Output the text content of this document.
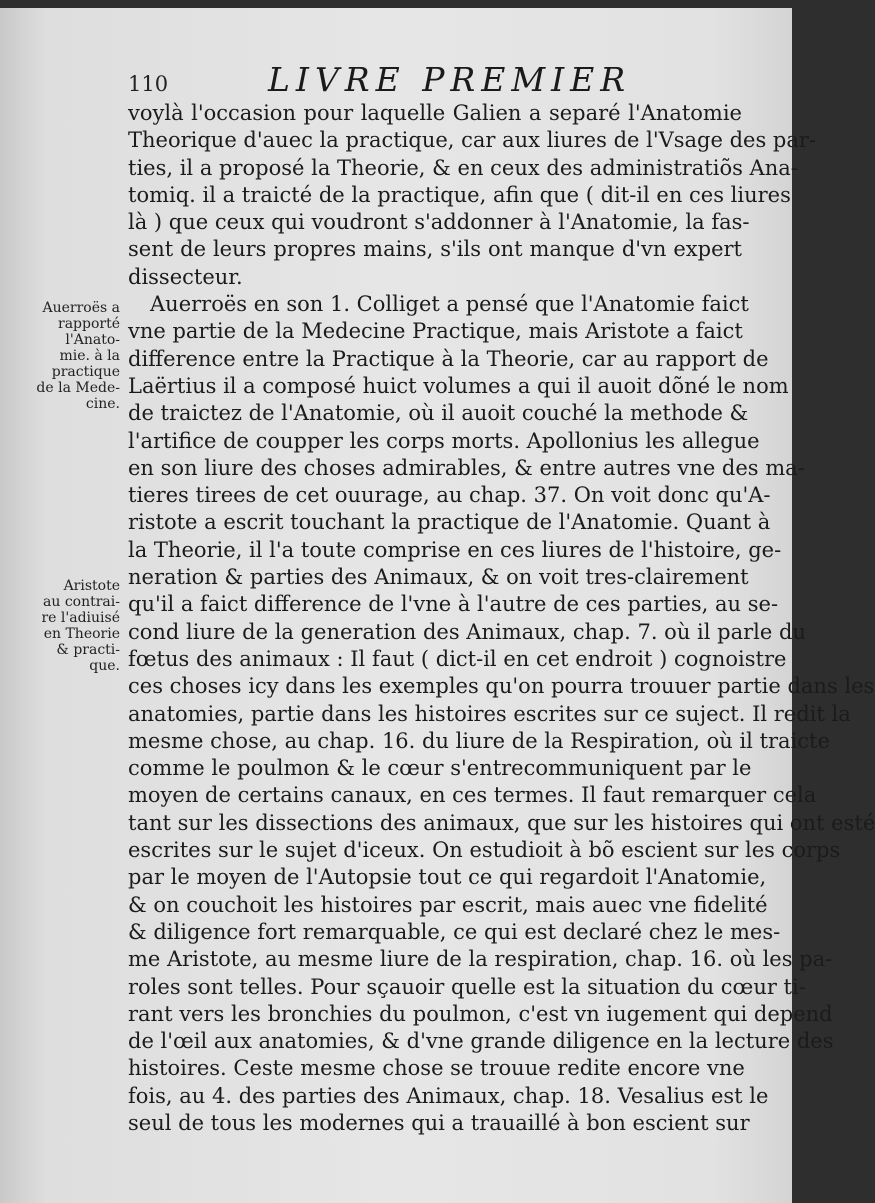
110	LIVRE PREMIER
Auerroës a
rapporté
l'Anato-
mie. à la
practique
de la Mede-
cine.
Aristote
au contrai-
re l'adiuisé
en Theorie
& practi-
que.
voylà l'occasion pour laquelle Galien a separé l'Anatomie
Theorique d'auec la practique, car aux liures de l'Vsage des par-
ties, il a proposé la Theorie, & en ceux des administratiõs Ana-
tomiq. il a traicté de la practique, afin que ( dit-il en ces liures
là ) que ceux qui voudront s'addonner à l'Anatomie, la fas-
sent de leurs propres mains, s'ils ont manque d'vn expert
dissecteur.
Auerroës en son 1. Colliget a pensé que l'Anatomie faict
vne partie de la Medecine Practique, mais Aristote a faict
difference entre la Practique à la Theorie, car au rapport de
Laërtius il a composé huict volumes a qui il auoit dõné le nom
de traictez de l'Anatomie, où il auoit couché la methode &
l'artifice de coupper les corps morts. Apollonius les allegue
en son liure des choses admirables, & entre autres vne des ma-
tieres tirees de cet ouurage, au chap. 37. On voit donc qu'A-
ristote a escrit touchant la practique de l'Anatomie. Quant à
la Theorie, il l'a toute comprise en ces liures de l'histoire, ge-
neration & parties des Animaux, & on voit tres-clairement
qu'il a faict difference de l'vne à l'autre de ces parties, au se-
cond liure de la generation des Animaux, chap. 7. où il parle du
fœtus des animaux : Il faut ( dict-il en cet endroit ) cognoistre
ces choses icy dans les exemples qu'on pourra trouuer partie dans les
anatomies, partie dans les histoires escrites sur ce suject. Il redit la
mesme chose, au chap. 16. du liure de la Respiration, où il traicte
comme le poulmon & le cœur s'entrecommuniquent par le
moyen de certains canaux, en ces termes. Il faut remarquer cela
tant sur les dissections des animaux, que sur les histoires qui ont esté
escrites sur le sujet d'iceux. On estudioit à bõ escient sur les corps
par le moyen de l'Autopsie tout ce qui regardoit l'Anatomie,
& on couchoit les histoires par escrit, mais auec vne fidelité
& diligence fort remarquable, ce qui est declaré chez le mes-
me Aristote, au mesme liure de la respiration, chap. 16. où les pa-
roles sont telles. Pour sçauoir quelle est la situation du cœur ti-
rant vers les bronchies du poulmon, c'est vn iugement qui depend
de l'œil aux anatomies, & d'vne grande diligence en la lecture des
histoires. Ceste mesme chose se trouue redite encore vne
fois, au 4. des parties des Animaux, chap. 18. Vesalius est le
seul de tous les modernes qui a trauaillé à bon escient sur
